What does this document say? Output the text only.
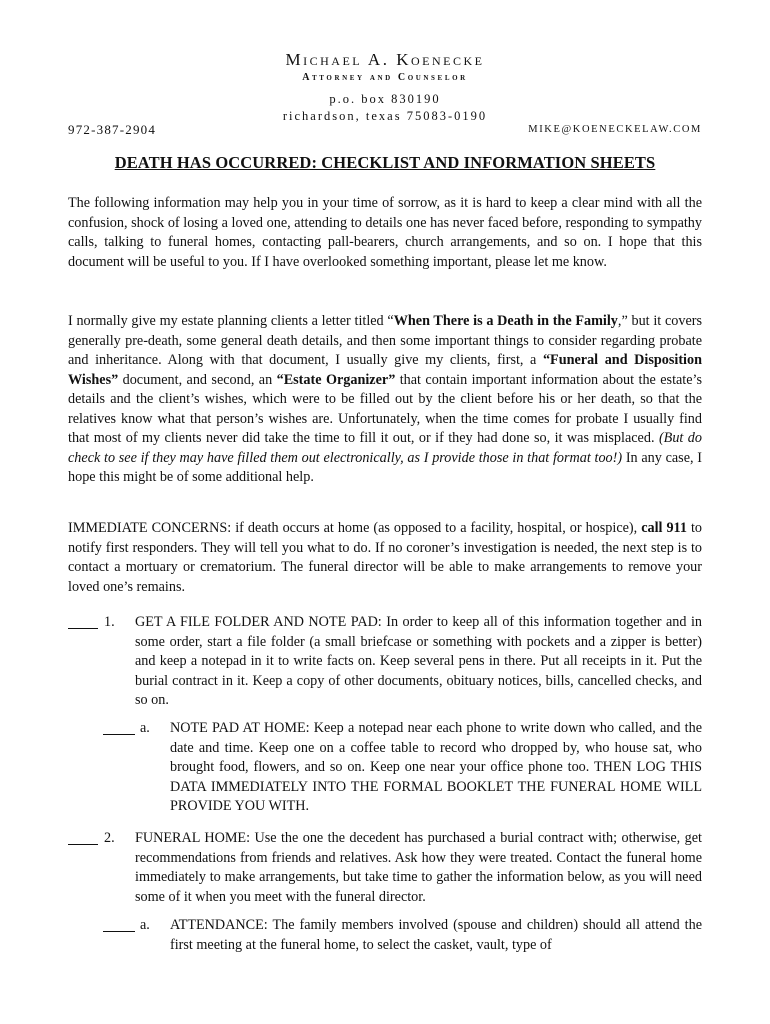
Michael A. Koenecke
Attorney and Counselor
p.o. box 830190
richardson, texas 75083-0190
972-387-2904	MIKE@KOENECKELAW.COM
DEATH HAS OCCURRED: CHECKLIST AND INFORMATION SHEETS
The following information may help you in your time of sorrow, as it is hard to keep a clear mind with all the confusion, shock of losing a loved one, attending to details one has never faced before, responding to sympathy calls, talking to funeral homes, contacting pall-bearers, church arrangements, and so on. I hope that this document will be useful to you. If I have overlooked something important, please let me know.
I normally give my estate planning clients a letter titled “When There is a Death in the Family,” but it covers generally pre-death, some general death details, and then some important things to consider regarding probate and inheritance. Along with that document, I usually give my clients, first, a “Funeral and Disposition Wishes” document, and second, an “Estate Organizer” that contain important information about the estate’s details and the client’s wishes, which were to be filled out by the client before his or her death, so that the relatives know what that person’s wishes are. Unfortunately, when the time comes for probate I usually find that most of my clients never did take the time to fill it out, or if they had done so, it was misplaced. (But do check to see if they may have filled them out electronically, as I provide those in that format too!) In any case, I hope this might be of some additional help.
IMMEDIATE CONCERNS: if death occurs at home (as opposed to a facility, hospital, or hospice), call 911 to notify first responders. They will tell you what to do. If no coroner’s investigation is needed, the next step is to contact a mortuary or crematorium. The funeral director will be able to make arrangements to remove your loved one’s remains.
1. GET A FILE FOLDER AND NOTE PAD: In order to keep all of this information together and in some order, start a file folder (a small briefcase or something with pockets and a zipper is better) and keep a notepad in it to write facts on. Keep several pens in there. Put all receipts in it. Put the burial contract in it. Keep a copy of other documents, obituary notices, bills, cancelled checks, and so on.
a. NOTE PAD AT HOME: Keep a notepad near each phone to write down who called, and the date and time. Keep one on a coffee table to record who dropped by, who house sat, who brought food, flowers, and so on. Keep one near your office phone too. THEN LOG THIS DATA IMMEDIATELY INTO THE FORMAL BOOKLET THE FUNERAL HOME WILL PROVIDE YOU WITH.
2. FUNERAL HOME: Use the one the decedent has purchased a burial contract with; otherwise, get recommendations from friends and relatives. Ask how they were treated. Contact the funeral home immediately to make arrangements, but take time to gather the information below, as you will need some of it when you meet with the funeral director.
a. ATTENDANCE: The family members involved (spouse and children) should all attend the first meeting at the funeral home, to select the casket, vault, type of
